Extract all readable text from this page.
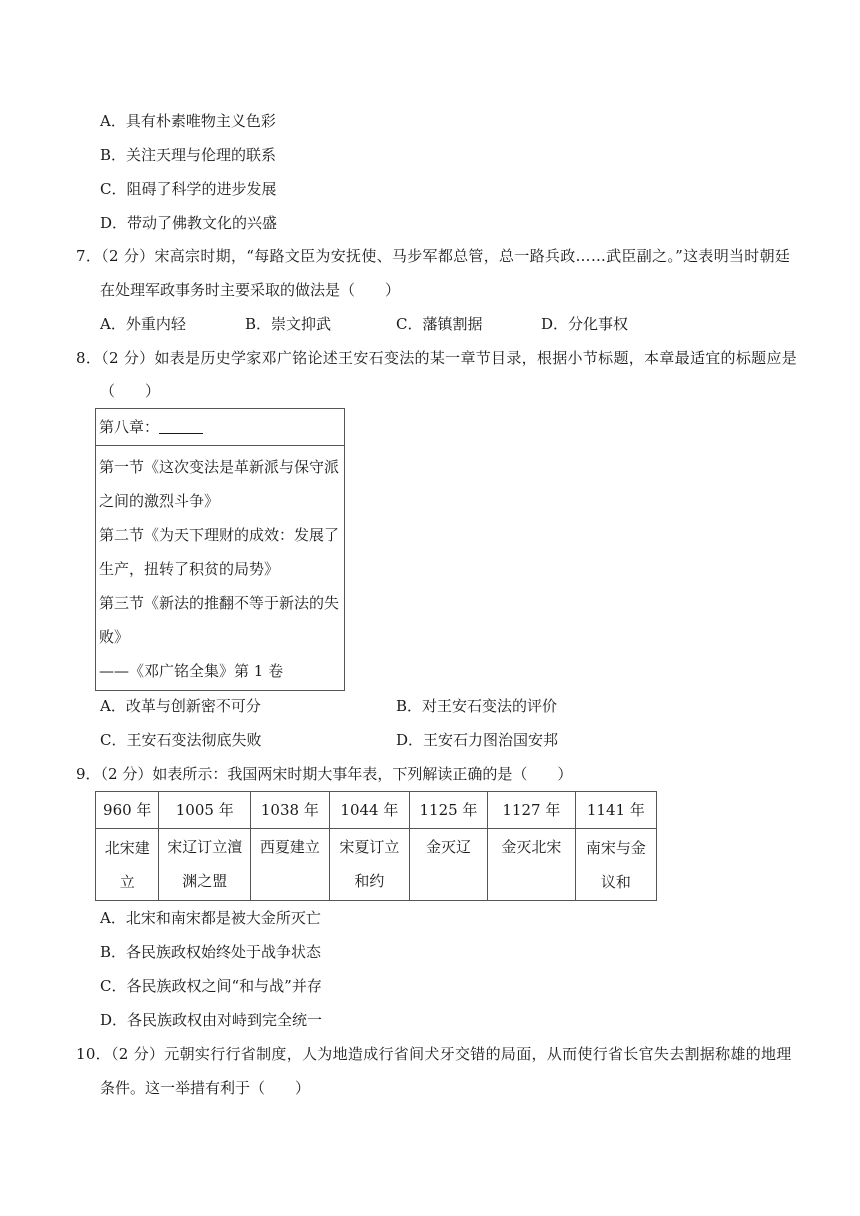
A．具有朴素唯物主义色彩
B．关注天理与伦理的联系
C．阻碍了科学的进步发展
D．带动了佛教文化的兴盛
7．（2 分）宋高宗时期，“每路文臣为安抚使、马步军都总管，总一路兵政……武臣副之。”这表明当时朝廷
在处理军政事务时主要采取的做法是（　　）
A．外重内轻	B．崇文抑武	C．藩镇割据	D．分化事权
8．（2 分）如表是历史学家邓广铭论述王安石变法的某一章节目录，根据小节标题，本章最适宜的标题应是
（　　）
第八章：

第一节《这次变法是革新派与保守派之间的激烈斗争》
第二节《为天下理财的成效：发展了生产，扭转了积贫的局势》
第三节《新法的推翻不等于新法的失败》
——《邓广铭全集》第 1 卷
A．改革与创新密不可分	B．对王安石变法的评价
C．王安石变法彻底失败	D．王安石力图治国安邦
9．（2 分）如表所示：我国两宋时期大事年表，下列解读正确的是（　　）
960 年	1005 年	1038 年	1044 年	1125 年	1127 年	1141 年

北宋建立	宋辽订立澶渊之盟	西夏建立	宋夏订立和约	金灭辽	金灭北宋	南宋与金议和
A．北宋和南宋都是被大金所灭亡
B．各民族政权始终处于战争状态
C．各民族政权之间“和与战”并存
D．各民族政权由对峙到完全统一
10．（2 分）元朝实行行省制度，人为地造成行省间犬牙交错的局面，从而使行省长官失去割据称雄的地理
条件。这一举措有利于（　　）
